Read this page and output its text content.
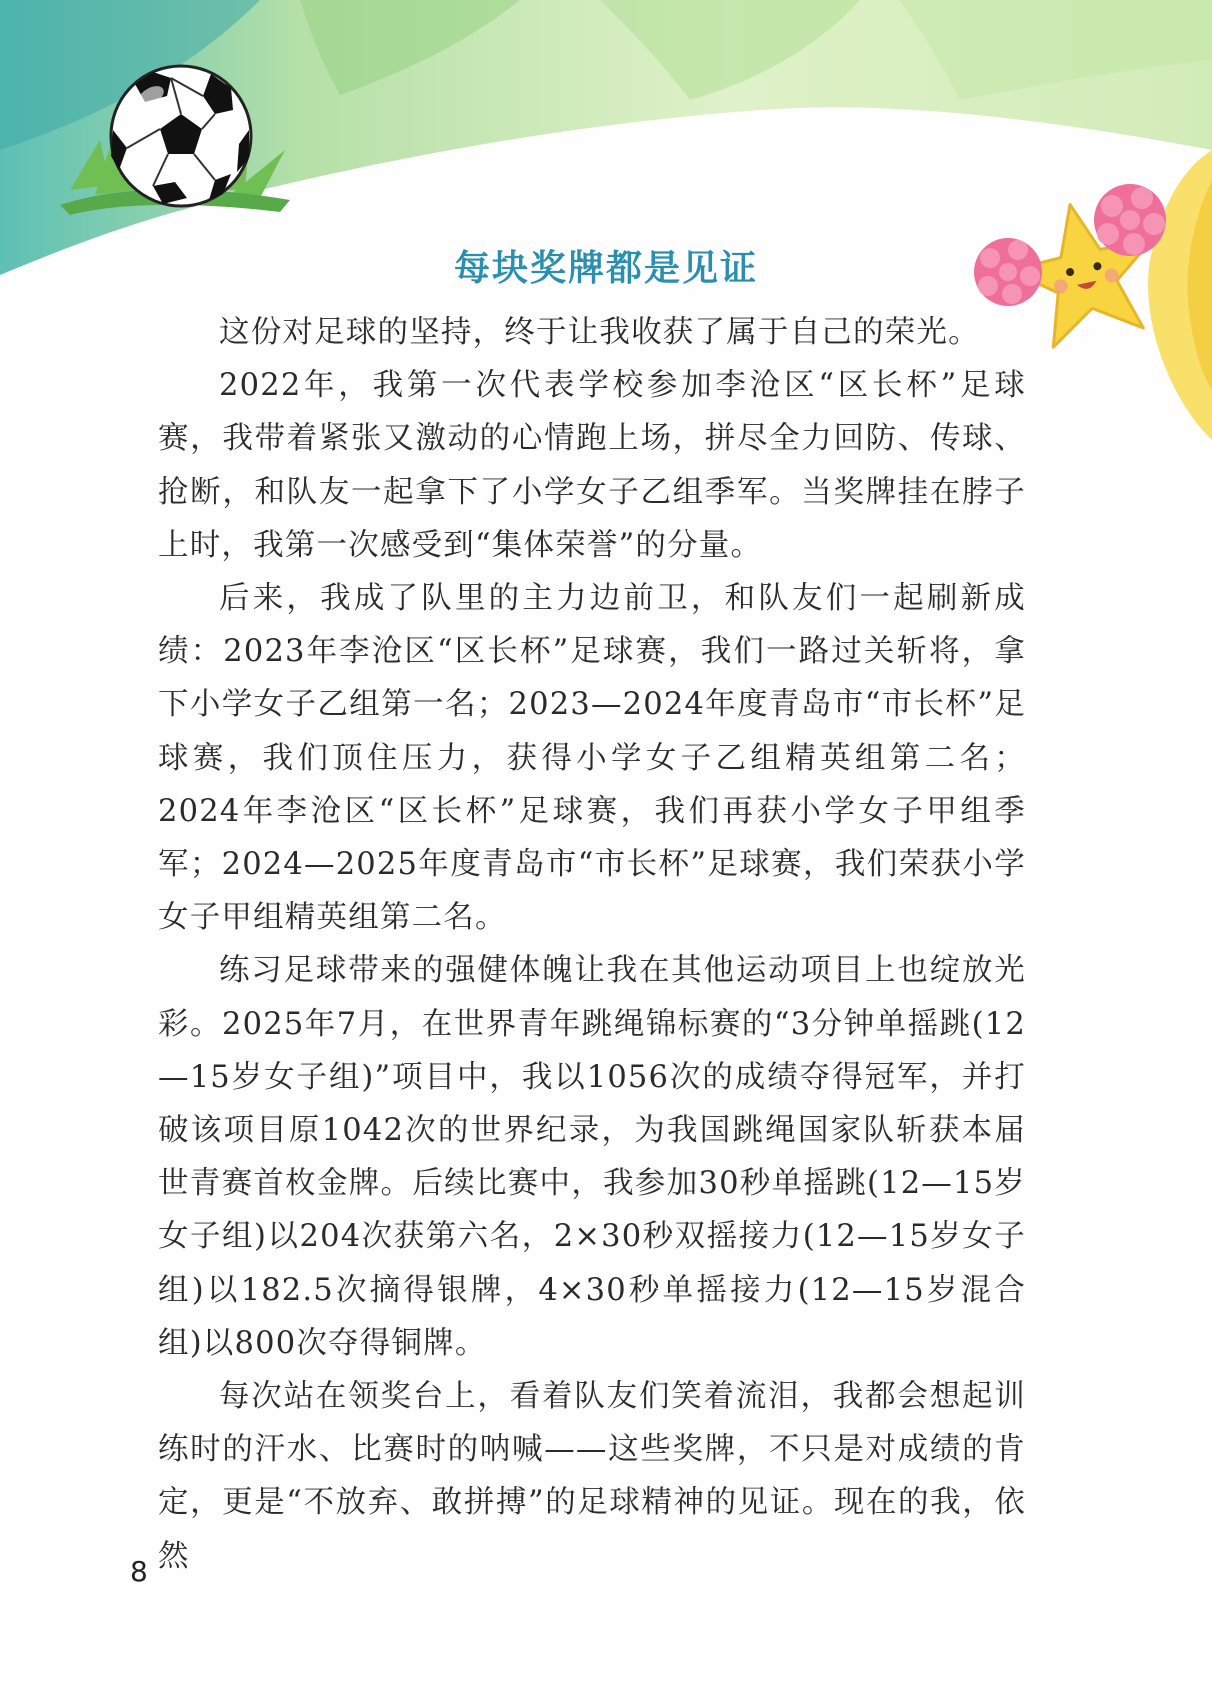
每块奖牌都是见证

这份对足球的坚持，终于让我收获了属于自己的荣光。

2022年，我第一次代表学校参加李沧区“区长杯”足球赛，我带着紧张又激动的心情跑上场，拼尽全力回防、传球、抢断，和队友一起拿下了小学女子乙组季军。当奖牌挂在脖子上时，我第一次感受到“集体荣誉”的分量。

后来，我成了队里的主力边前卫，和队友们一起刷新成绩：2023年李沧区“区长杯”足球赛，我们一路过关斩将，拿下小学女子乙组第一名；2023—2024年度青岛市“市长杯”足球赛，我们顶住压力，获得小学女子乙组精英组第二名；2024年李沧区“区长杯”足球赛，我们再获小学女子甲组季军；2024—2025年度青岛市“市长杯”足球赛，我们荣获小学女子甲组精英组第二名。

练习足球带来的强健体魄让我在其他运动项目上也绽放光彩。2025年7月，在世界青年跳绳锦标赛的“3分钟单摇跳(12—15岁女子组)”项目中，我以1056次的成绩夺得冠军，并打破该项目原1042次的世界纪录，为我国跳绳国家队斩获本届世青赛首枚金牌。后续比赛中，我参加30秒单摇跳(12—15岁女子组)以204次获第六名，2×30秒双摇接力(12—15岁女子组)以182.5次摘得银牌，4×30秒单摇接力(12—15岁混合组)以800次夺得铜牌。

每次站在领奖台上，看着队友们笑着流泪，我都会想起训练时的汗水、比赛时的呐喊——这些奖牌，不只是对成绩的肯定，更是“不放弃、敢拼搏”的足球精神的见证。现在的我，依然

8
